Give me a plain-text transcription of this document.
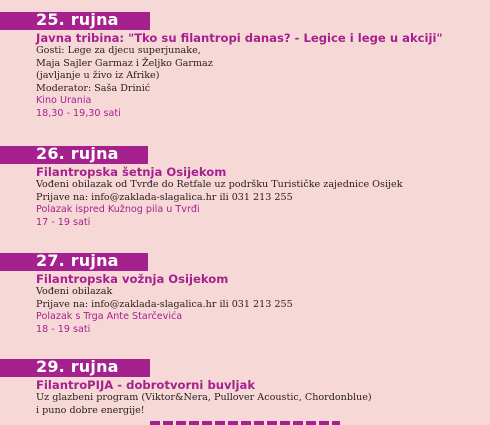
25. rujna
Javna tribina: "Tko su filantropi danas? - Legice i lege u akciji"
Gosti: Lege za djecu superjunake,
Maja Sajler Garmaz i Željko Garmaz
(javljanje u živo iz Afrike)
Moderator: Saša Drinić
Kino Urania
18,30 - 19,30 sati
26. rujna
Filantropska šetnja Osijekom
Vođeni obilazak od Tvrđe do Retfale uz podršku Turističke zajednice Osijek
Prijave na: info@zaklada-slagalica.hr ili 031 213 255
Polazak ispred Kužnog pila u Tvrđi
17 - 19 sati
27. rujna
Filantropska vožnja Osijekom
Vođeni obilazak
Prijave na: info@zaklada-slagalica.hr ili 031 213 255
Polazak s Trga Ante Starčevića
18 - 19 sati
29. rujna
FilantroPIJA - dobrotvorni buvljak
Uz glazbeni program (Viktor&Nera, Pullover Acoustic, Chordonblue)
i puno dobre energije!
